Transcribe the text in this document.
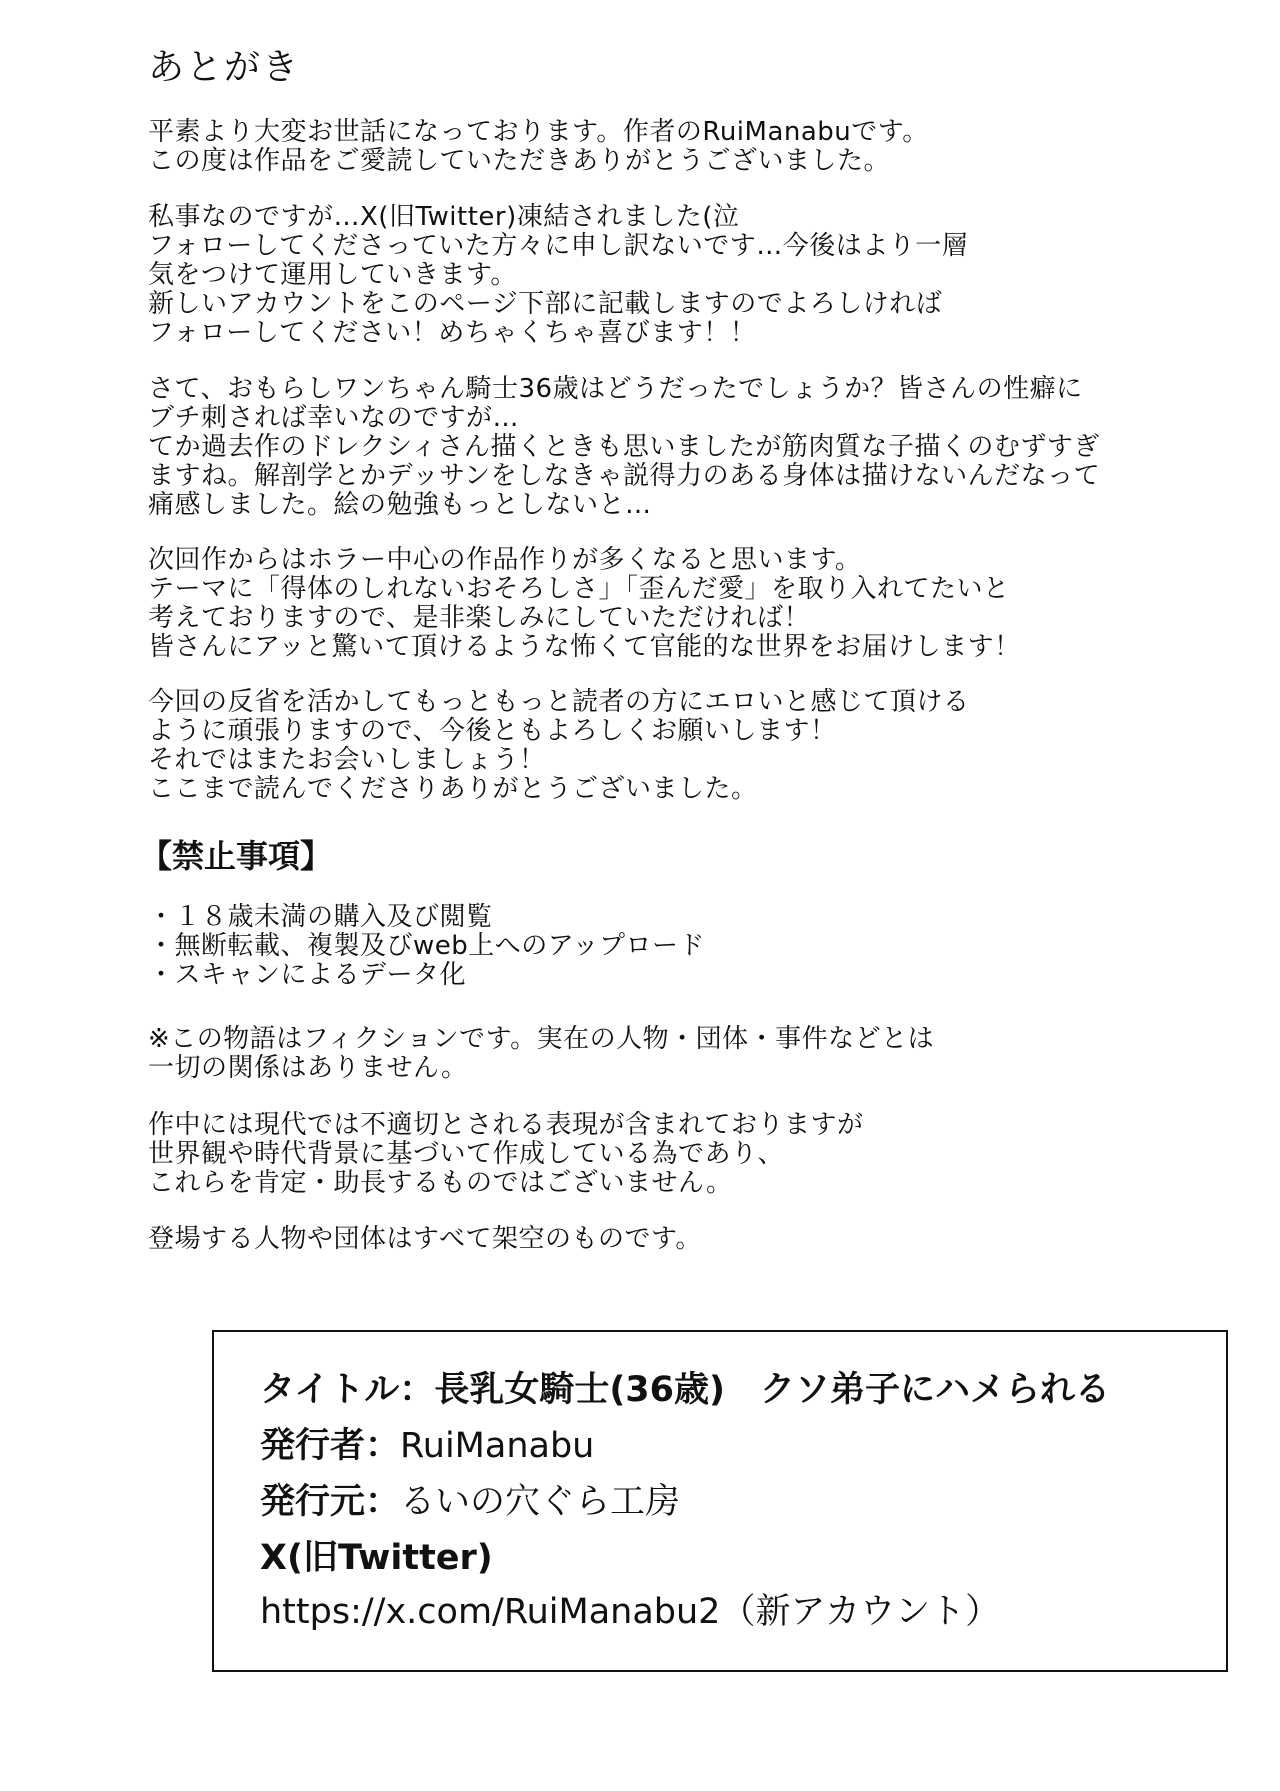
あとがき
平素より大変お世話になっております。作者のRuiManabuです。
この度は作品をご愛読していただきありがとうございました。
私事なのですが…X(旧Twitter)凍結されました(泣
フォローしてくださっていた方々に申し訳ないです…今後はより一層
気をつけて運用していきます。
新しいアカウントをこのページ下部に記載しますのでよろしければ
フォローしてください！めちゃくちゃ喜びます！！
さて、おもらしワンちゃん騎士36歳はどうだったでしょうか？皆さんの性癖に
ブチ刺されば幸いなのですが…
てか過去作のドレクシィさん描くときも思いましたが筋肉質な子描くのむずすぎ
ますね。解剖学とかデッサンをしなきゃ説得力のある身体は描けないんだなって
痛感しました。絵の勉強もっとしないと…
次回作からはホラー中心の作品作りが多くなると思います。
テーマに「得体のしれないおそろしさ」「歪んだ愛」を取り入れてたいと
考えておりますので、是非楽しみにしていただければ！
皆さんにアッと驚いて頂けるような怖くて官能的な世界をお届けします！
今回の反省を活かしてもっともっと読者の方にエロいと感じて頂ける
ように頑張りますので、今後ともよろしくお願いします！
それではまたお会いしましょう！
ここまで読んでくださりありがとうございました。
【禁止事項】
・１８歳未満の購入及び閲覧
・無断転載、複製及びweb上へのアップロード
・スキャンによるデータ化
※この物語はフィクションです。実在の人物・団体・事件などとは
一切の関係はありません。
作中には現代では不適切とされる表現が含まれておりますが
世界観や時代背景に基づいて作成している為であり、
これらを肯定・助長するものではございません。
登場する人物や団体はすべて架空のものです。
タイトル：長乳女騎士(36歳)　クソ弟子にハメられる
発行者：RuiManabu
発行元：るいの穴ぐら工房
X(旧Twitter)
https://x.com/RuiManabu2（新アカウント）
